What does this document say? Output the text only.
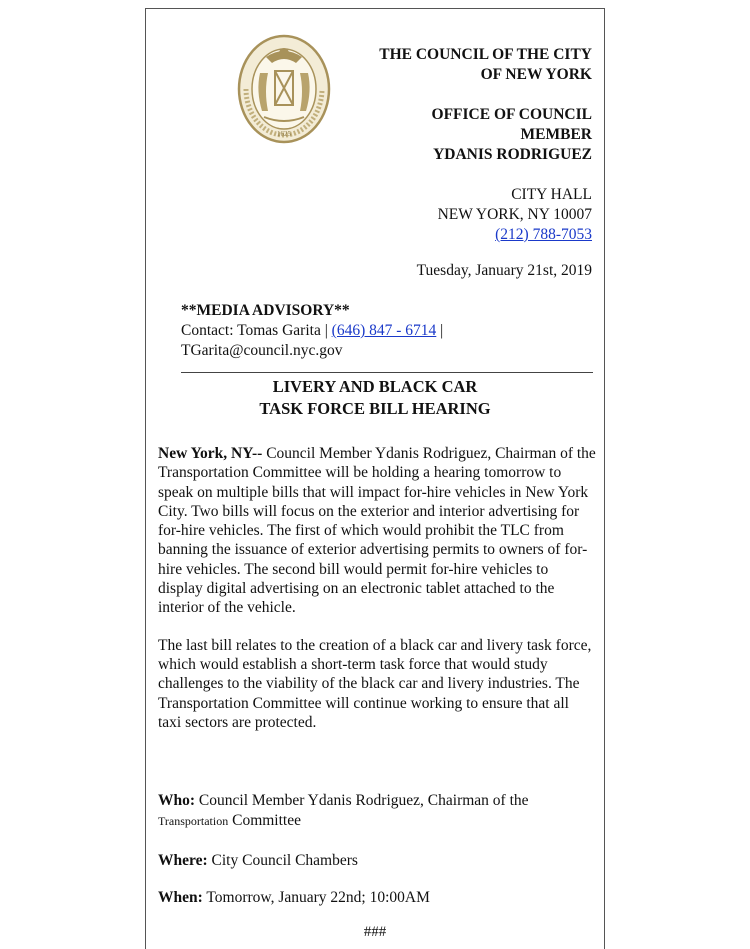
1625
THE COUNCIL OF THE CITY
OF NEW YORK
OFFICE OF COUNCIL
MEMBER
YDANIS RODRIGUEZ
CITY HALL
NEW YORK, NY 10007
(212) 788-7053
Tuesday, January 21st, 2019
**MEDIA ADVISORY**
Contact: Tomas Garita | (646) 847 - 6714 |
TGarita@council.nyc.gov
LIVERY AND BLACK CAR
TASK FORCE BILL HEARING

New York, NY-- Council Member Ydanis Rodriguez, Chairman of the Transportation Committee will be holding a hearing tomorrow to speak on multiple bills that will impact for-hire vehicles in New York City. Two bills will focus on the exterior and interior advertising for for-hire vehicles. The first of which would prohibit the TLC from banning the issuance of exterior advertising permits to owners of for-hire vehicles. The second bill would permit for-hire vehicles to display digital advertising on an electronic tablet attached to the interior of the vehicle.

The last bill relates to the creation of a black car and livery task force, which would establish a short-term task force that would study challenges to the viability of the black car and livery industries. The Transportation Committee will continue working to ensure that all taxi sectors are protected.

Who: Council Member Ydanis Rodriguez, Chairman of the
Transportation Committee
Where: City Council Chambers
When: Tomorrow, January 22nd; 10:00AM
###
